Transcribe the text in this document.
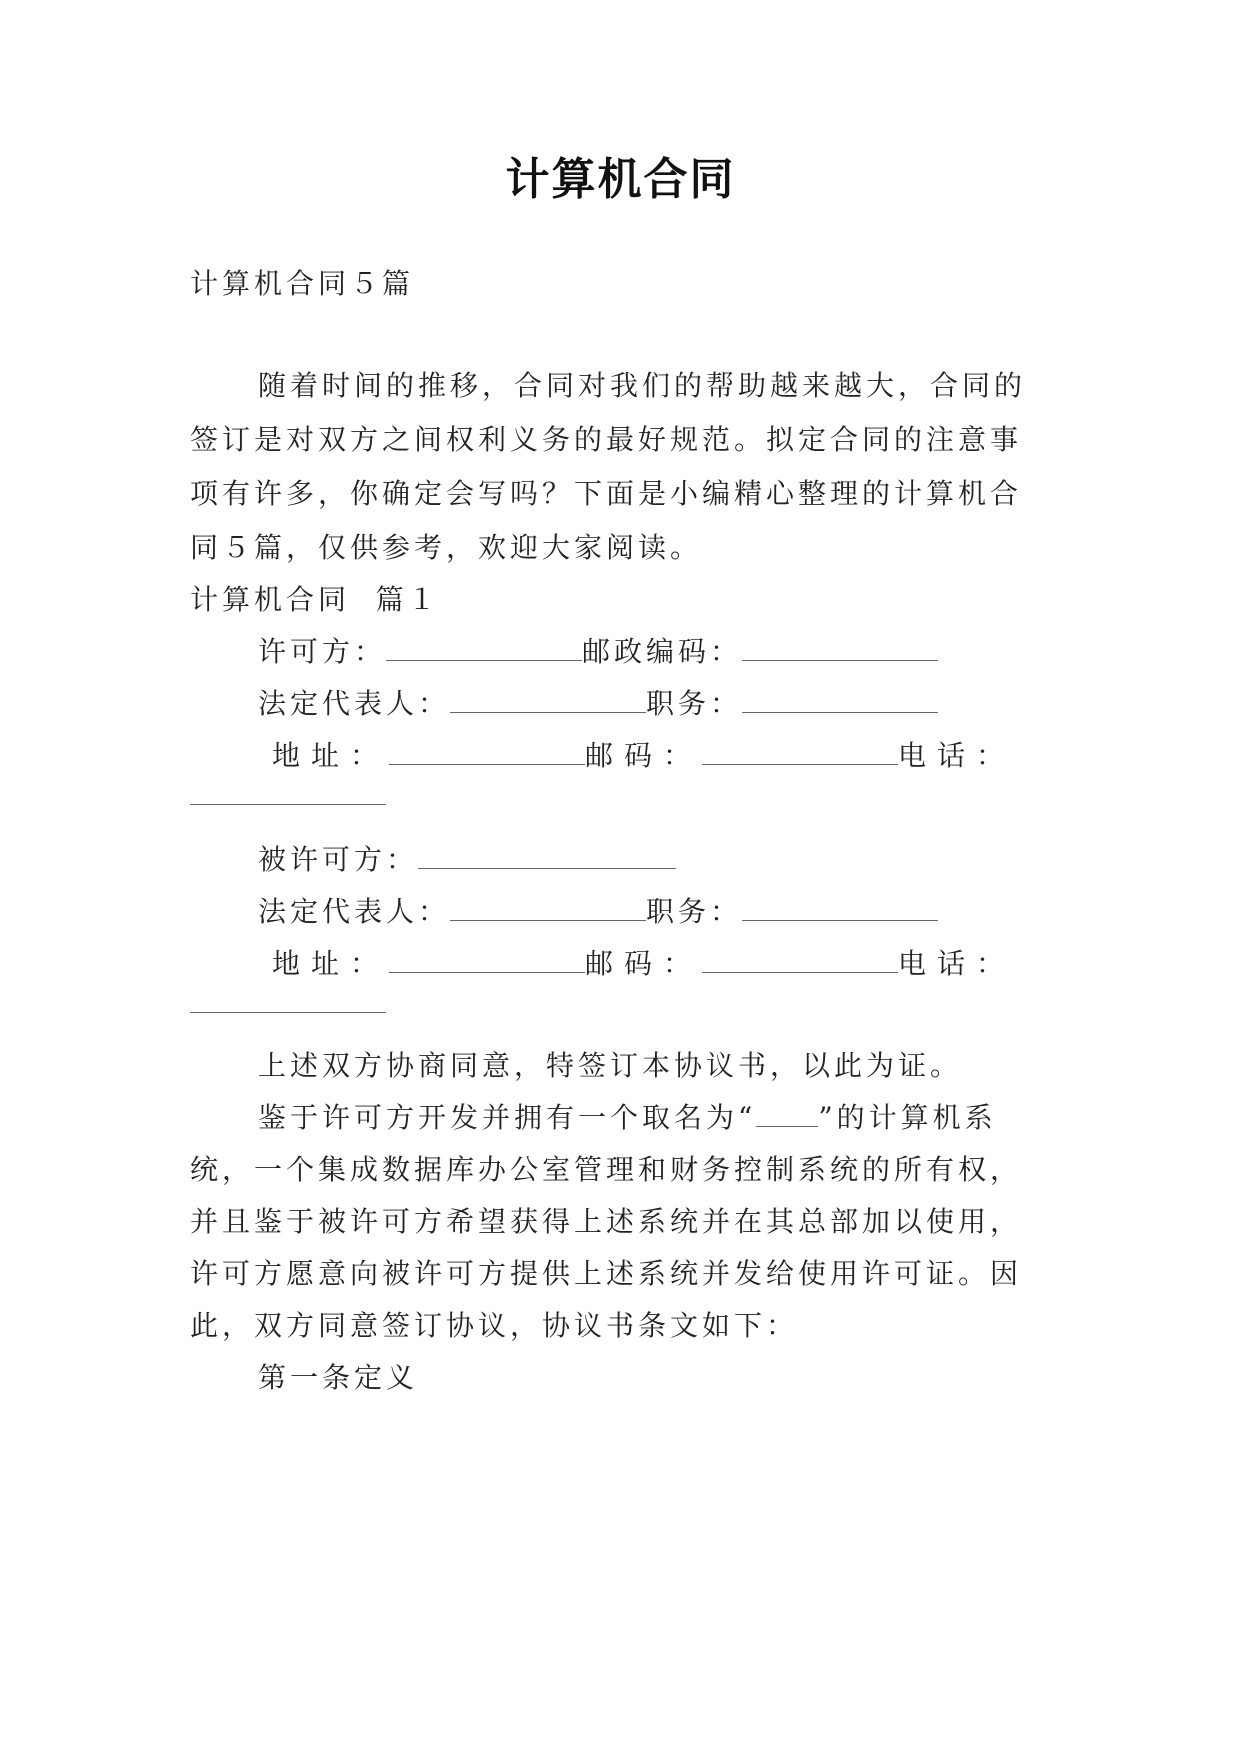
计算机合同
计算机合同５篇
随着时间的推移，合同对我们的帮助越来越大，合同的
签订是对双方之间权利义务的最好规范。拟定合同的注意事
项有许多，你确定会写吗？下面是小编精心整理的计算机合
同５篇，仅供参考，欢迎大家阅读。
计算机合同  篇１
许可方：	邮政编码：
法定代表人：	职务：
地址：	邮码：	电话：
被许可方：
法定代表人：	职务：
地址：	邮码：	电话：
上述双方协商同意，特签订本协议书，以此为证。
鉴于许可方开发并拥有一个取名为“ ”的计算机系
统，一个集成数据库办公室管理和财务控制系统的所有权，
并且鉴于被许可方希望获得上述系统并在其总部加以使用，
许可方愿意向被许可方提供上述系统并发给使用许可证。因
此，双方同意签订协议，协议书条文如下：
第一条定义
